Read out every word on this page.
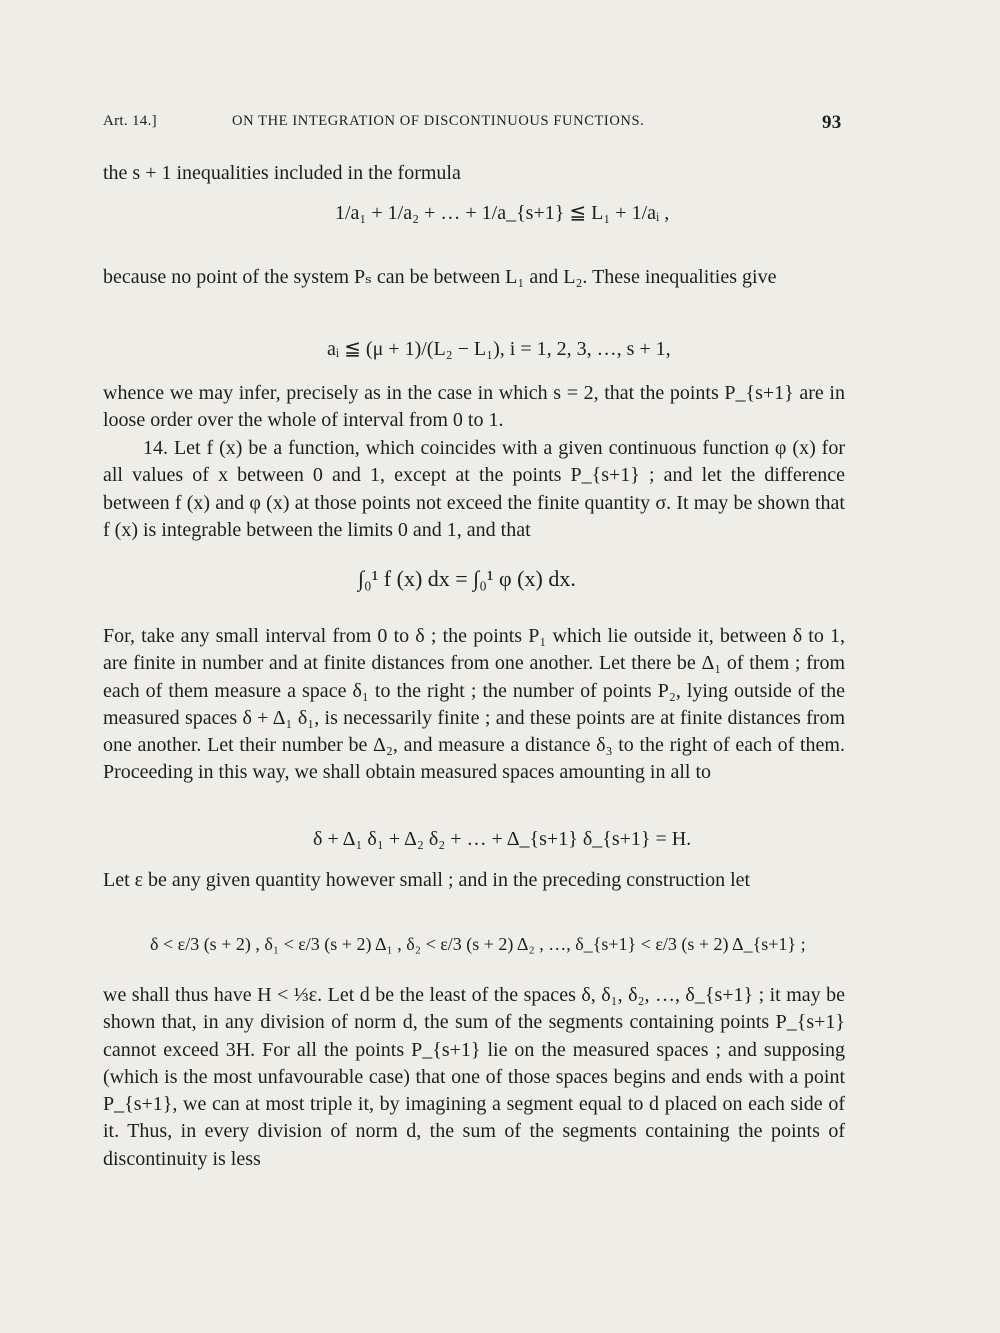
Art. 14.]	ON THE INTEGRATION OF DISCONTINUOUS FUNCTIONS.	93
the s + 1 inequalities included in the formula
1/a₁ + 1/a₂ + … + 1/a_{s+1} ≦ L₁ + 1/aᵢ ,
because no point of the system Pₛ can be between L₁ and L₂. These inequalities give
aᵢ ≦ (μ + 1)/(L₂ − L₁), i = 1, 2, 3, …, s + 1,
whence we may infer, precisely as in the case in which s = 2, that the points P_{s+1} are in loose order over the whole of interval from 0 to 1.
14. Let f (x) be a function, which coincides with a given continuous function φ (x) for all values of x between 0 and 1, except at the points P_{s+1} ; and let the difference between f (x) and φ (x) at those points not exceed the finite quantity σ. It may be shown that f (x) is integrable between the limits 0 and 1, and that
∫₀¹ f (x) dx = ∫₀¹ φ (x) dx.
For, take any small interval from 0 to δ ; the points P₁ which lie outside it, between δ to 1, are finite in number and at finite distances from one another. Let there be Δ₁ of them ; from each of them measure a space δ₁ to the right ; the number of points P₂, lying outside of the measured spaces δ + Δ₁ δ₁, is necessarily finite ; and these points are at finite distances from one another. Let their number be Δ₂, and measure a distance δ₃ to the right of each of them. Proceeding in this way, we shall obtain measured spaces amounting in all to
δ + Δ₁ δ₁ + Δ₂ δ₂ + … + Δ_{s+1} δ_{s+1} = H.
Let ε be any given quantity however small ; and in the preceding construction let
δ < ε/3 (s + 2) , δ₁ < ε/3 (s + 2) Δ₁ , δ₂ < ε/3 (s + 2) Δ₂ , …, δ_{s+1} < ε/3 (s + 2) Δ_{s+1} ;
we shall thus have H < ⅓ε. Let d be the least of the spaces δ, δ₁, δ₂, …, δ_{s+1} ; it may be shown that, in any division of norm d, the sum of the segments containing points P_{s+1} cannot exceed 3H. For all the points P_{s+1} lie on the measured spaces ; and supposing (which is the most unfavourable case) that one of those spaces begins and ends with a point P_{s+1}, we can at most triple it, by imagining a segment equal to d placed on each side of it. Thus, in every division of norm d, the sum of the segments containing the points of discontinuity is less
